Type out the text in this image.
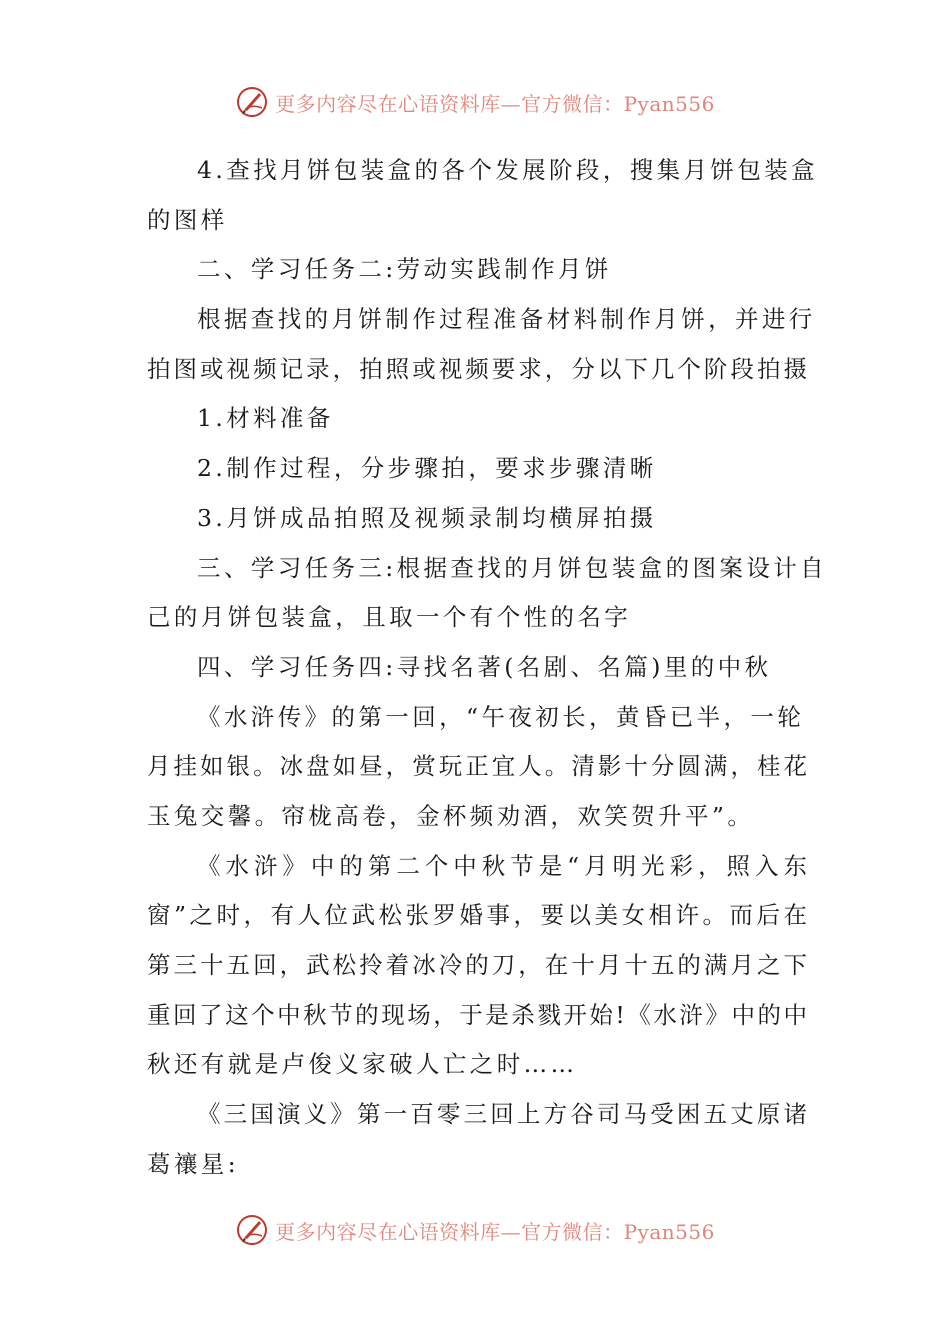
更多内容尽在心语资料库—官方微信：Pyan556
4.查找月饼包装盒的各个发展阶段，搜集月饼包装盒
的图样
二、学习任务二:劳动实践制作月饼
根据查找的月饼制作过程准备材料制作月饼，并进行
拍图或视频记录，拍照或视频要求，分以下几个阶段拍摄
1.材料准备
2.制作过程，分步骤拍，要求步骤清晰
3.月饼成品拍照及视频录制均横屏拍摄
三、学习任务三:根据查找的月饼包装盒的图案设计自
己的月饼包装盒，且取一个有个性的名字
四、学习任务四:寻找名著(名剧、名篇)里的中秋
《水浒传》的第一回，“午夜初长，黄昏已半，一轮
月挂如银。冰盘如昼，赏玩正宜人。清影十分圆满，桂花
玉兔交馨。帘栊高卷，金杯频劝酒，欢笑贺升平”。
《水浒》中的第二个中秋节是“月明光彩，照入东
窗”之时，有人位武松张罗婚事，要以美女相许。而后在
第三十五回，武松拎着冰冷的刀，在十月十五的满月之下
重回了这个中秋节的现场，于是杀戮开始!《水浒》中的中
秋还有就是卢俊义家破人亡之时……
《三国演义》第一百零三回上方谷司马受困五丈原诸
葛禳星:
更多内容尽在心语资料库—官方微信：Pyan556
